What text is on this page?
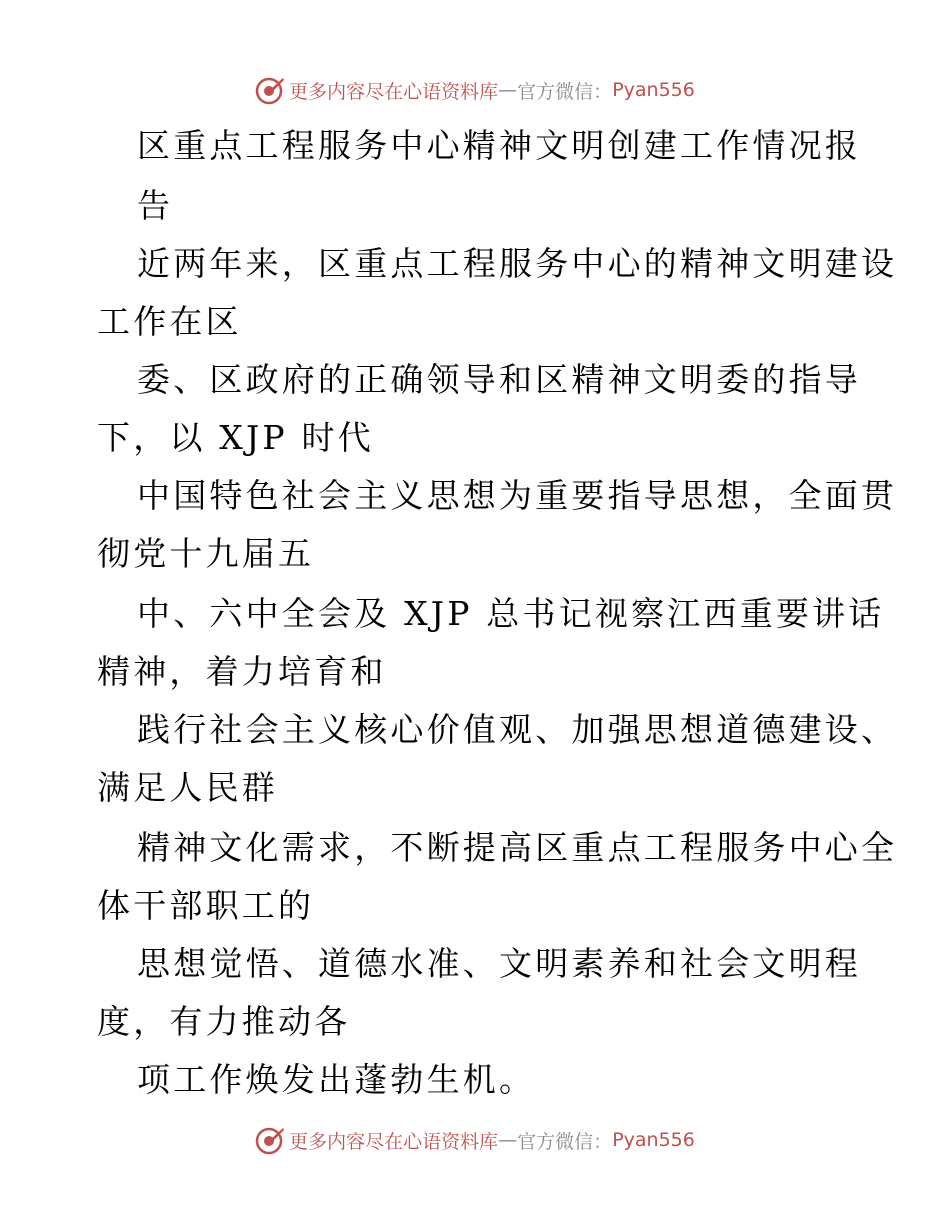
更多内容尽在心语资料库 — 官方微信： Pyan556
区重点工程服务中心精神文明创建工作情况报
告
近两年来，区重点工程服务中心的精神文明建设
工作在区
委、区政府的正确领导和区精神文明委的指导
下，以 XJP 时代
中国特色社会主义思想为重要指导思想，全面贯
彻党十九届五
中、六中全会及 XJP 总书记视察江西重要讲话
精神，着力培育和
践行社会主义核心价值观、加强思想道德建设、
满足人民群
精神文化需求，不断提高区重点工程服务中心全
体干部职工的
思想觉悟、道德水准、文明素养和社会文明程
度，有力推动各
项工作焕发出蓬勃生机。
更多内容尽在心语资料库 — 官方微信： Pyan556
